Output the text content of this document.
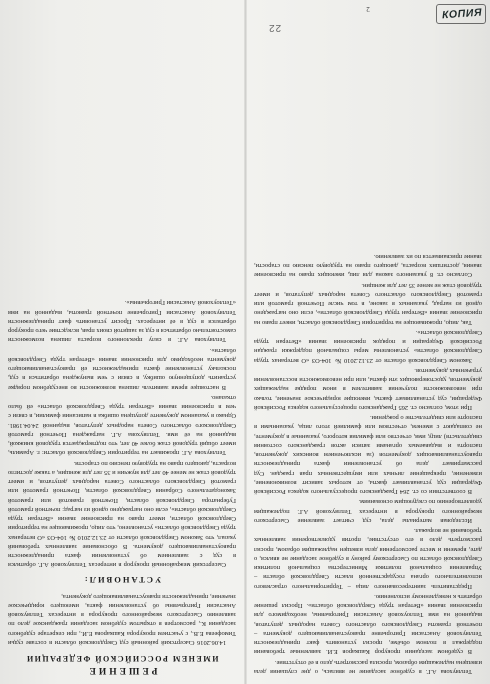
РЕШЕНИЕ
ИМЕНЕМ РОССИЙСКОЙ ФЕДЕРАЦИИ

14.06.2016 Сысертский районный суд Свердловской области в составе судьи Тимофеева Е.В., с участием прокурора Кашкарова Е.И., при секретаре судебного заседания К., рассмотрев в открытом судебном заседании гражданское дело по заявлению Сысертского межрайонного прокурора в интересах Тепляуховой Анастасии Григорьевны об установлении факта, имеющего юридическое значение, принадлежности правоустанавливающего документа,

УСТАНОВИЛ:

Сысертский межрайонный прокурор в интересах Тепляуховой А.Г. обратился в суд с заявлением об установлении факта принадлежности правоустанавливающего документа. В обоснование заявленных требований указал, что Законом Свердловской области от 23.12.2010 № 104-ОЗ «О ветеранах труда Свердловской области» установлено, что лицо, проживающее на территории Свердловской области, имеет право на присвоение звания «Ветеран труда Свердловской области», если оно награждено одной из наград: почетной грамотой Губернатора Свердловской области, Почетной грамотой или грамотой Законодательного Собрания Свердловской области, Почетной грамотой или грамотой Свердловского областного Совета народных депутатов, и имеет трудовой стаж не менее 40 лет для мужчин и 35 лет для женщин, а также достигло возраста, дающего право на трудовую пенсию по старости.

Тепляухова А.Г. проживает на территории Свердловской области: г. Арамиль, имеет общий трудовой стаж более 40 лет, что подтверждается трудовой книжкой, выданной на её имя. Тепляухова А.Г. награждена Почетной грамотой Свердловского областного Совета народных депутатов, выданной 24.04.1981. Однако в указанном документе допущена ошибка в написании фамилии, в связи с чем в присвоении звания «Ветеран труда Свердловской области» ей было отказано.

В настоящее время заявитель лишена возможности во внесудебном порядке устранить допущенную ошибку, в связи с чем вынуждена обратиться в суд, поскольку установление факта принадлежности ей правоустанавливающего документа необходимо для присвоения звания «Ветеран труда Свердловской области».

Тепляухова А.Г. в силу преклонного возраста лишена возможности самостоятельно обратиться в суд за защитой своих прав, вследствие чего прокурор обратился в суд в её интересах. Просит установить факт принадлежности Тепляуховой Анастасии Григорьевне почетной грамоты, выданной на имя «Теплоуховой Анастасии Григорьевны».

Тепляухова А.Г. в судебное заседание не явилась, о дне слушания дела извещена надлежащим образом, просила рассмотреть дело в её отсутствие.

В судебном заседании прокурор Кашкаров Е.И. заявленные требования поддержал в полном объёме, просил установить факт принадлежности Тепляуховой Анастасии Григорьевне правоустанавливающего документа – почетной грамоты Свердловского областного Совета народных депутатов, выданной на имя Теплоуховой Анастасии Григорьевны, необходимого для присвоения звания «Ветеран труда Свердловской области». Просил решение обратить к немедленному исполнению.

Представитель заинтересованного лица – Территориального отраслевого исполнительного органа государственной власти Свердловской области – Управления социальной политики Министерства социальной политики Свердловской области по Сысертскому району в судебное заседание не явился, о дате, времени и месте рассмотрения дела извещен надлежащим образом, просил рассмотреть дело в его отсутствие, против удовлетворения заявленных требований не возражал.

Исследовав материалы дела, суд считает заявление Сысертского межрайонного прокурора в интересах Тепляуховой А.Г. подлежащим удовлетворению по следующим основаниям.

В соответствии со ст. 264 Гражданского процессуального кодекса Российской Федерации суд устанавливает факты, от которых зависит возникновение, изменение, прекращение личных или имущественных прав граждан. Суд рассматривает дела об установлении факта принадлежности правоустанавливающих документов (за исключением воинских документов, паспорта и выдаваемых органами записи актов гражданского состояния свидетельств) лицу, имя, отчество или фамилия которого, указанные в документе, не совпадают с именем, отчеством или фамилией этого лица, указанными в паспорте или свидетельстве о рождении.

При этом, согласно ст. 265 Гражданского процессуального кодекса Российской Федерации, суд устанавливает факты, имеющие юридическое значение, только при невозможности получения заявителем в ином порядке надлежащих документов, удостоверяющих эти факты, или при невозможности восстановления утраченных документов.

Законом Свердловской области от 23.12.2010 № 104-ОЗ «О ветеранах труда Свердловской области» установлены меры социальной поддержки граждан Российской Федерации и порядок присвоения звания «Ветеран труда Свердловской области».

Так, лицо, проживающее на территории Свердловской области, имеет право на присвоение звания «Ветеран труда Свердловской области», если оно награждено одной из наград, указанных в законе, в том числе Почетной грамотой или грамотой Свердловского областного Совета народных депутатов, и имеет трудовой стаж не менее 35 лет для женщин.

Согласно ст. 8 указанного закона для лиц, имеющих право на присвоение звания, достигших возраста, дающего право на трудовую пенсию по старости, звание присваивается по их заявлению.

2	КОПИЯ
22
